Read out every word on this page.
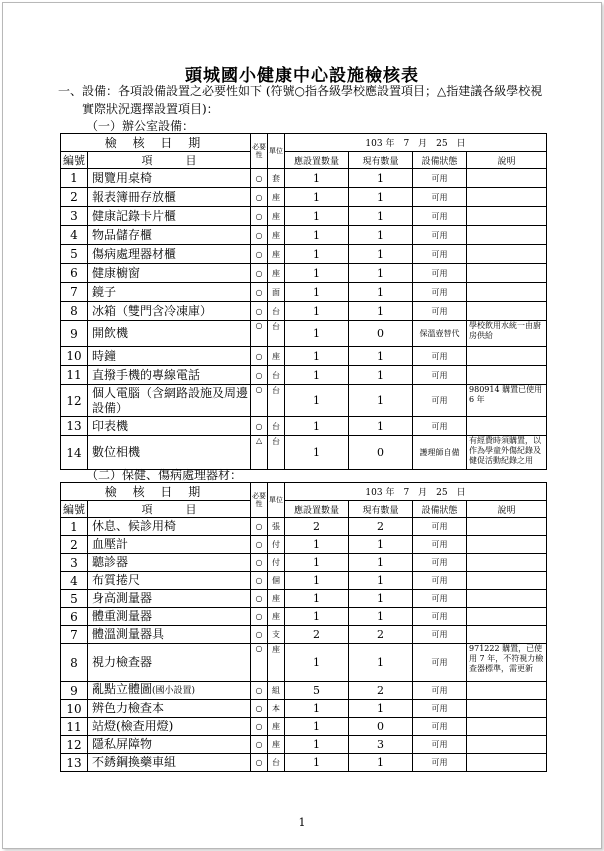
頭城國小健康中心設施檢核表
一、設備：各項設備設置之必要性如下 (符號○指各級學校應設置項目；△指建議各級學校視
實際狀況選擇設置項目)：
（一）辦公室設備：
檢 核 日 期		必要性	單位	103 年　7　月　25　日			
編號	項　　　目			應設置數量	現有數量	設備狀態	說明
1	閱覽用桌椅	○	套	1	1	可用	
2	報表簿冊存放櫃	○	座	1	1	可用	
3	健康記錄卡片櫃	○	座	1	1	可用	
4	物品儲存櫃	○	座	1	1	可用	
5	傷病處理器材櫃	○	座	1	1	可用	
6	健康櫥窗	○	座	1	1	可用	
7	鏡子	○	面	1	1	可用	
8	冰箱（雙門含冷凍庫）	○	台	1	1	可用	
9	開飲機	○	台	1	0	保溫壺替代	學校飲用水統一由廚房供給
10	時鐘	○	座	1	1	可用	
11	直撥手機的專線電話	○	台	1	1	可用	
12	個人電腦（含網路設施及周邊設備）	○	台	1	1	可用	980914 購置已使用 6 年
13	印表機	○	台	1	1	可用	
14	數位相機	△	台	1	0	護理師自備	有經費時須購置，以作為學童外傷紀錄及健促活動紀錄之用
（二）保健、傷病處理器材：
檢 核 日 期		必要性	單位	103 年　7　月　25　日			
編號	項　　　目			應設置數量	現有數量	設備狀態	說明
1	休息、候診用椅	○	張	2	2	可用	
2	血壓計	○	付	1	1	可用	
3	聽診器	○	付	1	1	可用	
4	布質捲尺	○	個	1	1	可用	
5	身高測量器	○	座	1	1	可用	
6	體重測量器	○	座	1	1	可用	
7	體溫測量器具	○	支	2	2	可用	
8	視力檢查器	○	座	1	1	可用	971222 購置，已使用 7 年，不符視力檢查器標準，需更新
9	亂點立體圖(國小設置)	○	組	5	2	可用	
10	辨色力檢查本	○	本	1	1	可用	
11	站燈(檢查用燈)	○	座	1	0	可用	
12	隱私屏障物	○	座	1	3	可用	
13	不銹鋼換藥車組	○	台	1	1	可用	
1
